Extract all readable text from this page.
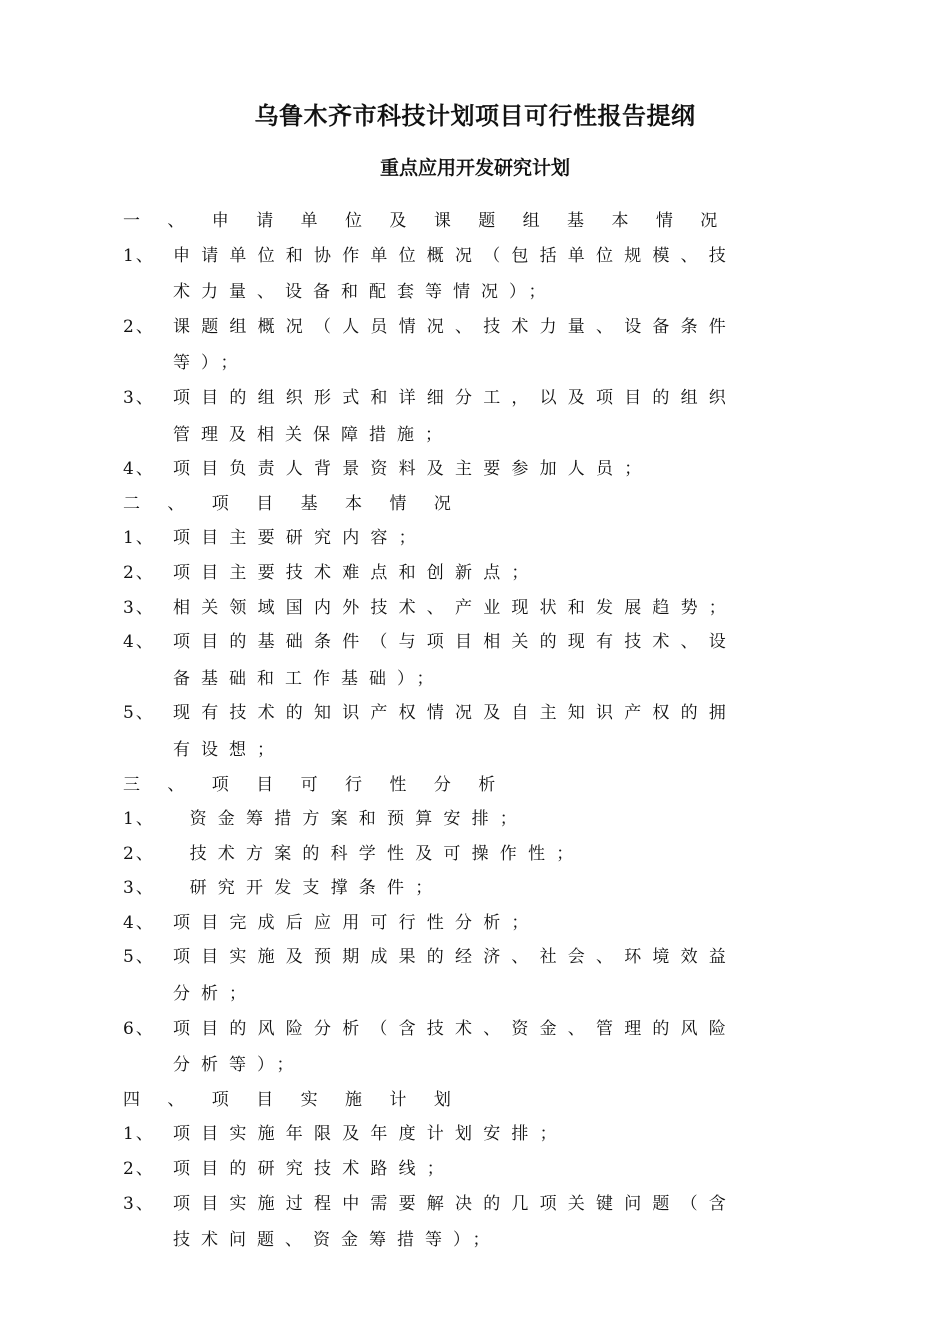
乌鲁木齐市科技计划项目可行性报告提纲
重点应用开发研究计划
一 、 申 请 单 位 及 课 题 组 基 本 情 况
1、 申请单位和协作单位概况（包括单位规模、技
术力量、设备和配套等情况）；
2、 课题组概况（人员情况、技术力量、设备条件
等）；
3、 项目的组织形式和详细分工，以及项目的组织
管理及相关保障措施；
4、 项目负责人背景资料及主要参加人员；
二 、 项 目 基 本 情 况
1、 项目主要研究内容；
2、 项目主要技术难点和创新点；
3、 相关领域国内外技术、产业现状和发展趋势；
4、 项目的基础条件（与项目相关的现有技术、设
备基础和工作基础）；
5、 现有技术的知识产权情况及自主知识产权的拥
有设想；
三 、 项 目 可 行 性 分 析
1、 资金筹措方案和预算安排；
2、 技术方案的科学性及可操作性；
3、 研究开发支撑条件；
4、 项目完成后应用可行性分析；
5、 项目实施及预期成果的经济、社会、环境效益
分析；
6、 项目的风险分析（含技术、资金、管理的风险
分析等）；
四 、 项 目 实 施 计 划
1、 项目实施年限及年度计划安排；
2、 项目的研究技术路线；
3、 项目实施过程中需要解决的几项关键问题（含
技术问题、资金筹措等）；
